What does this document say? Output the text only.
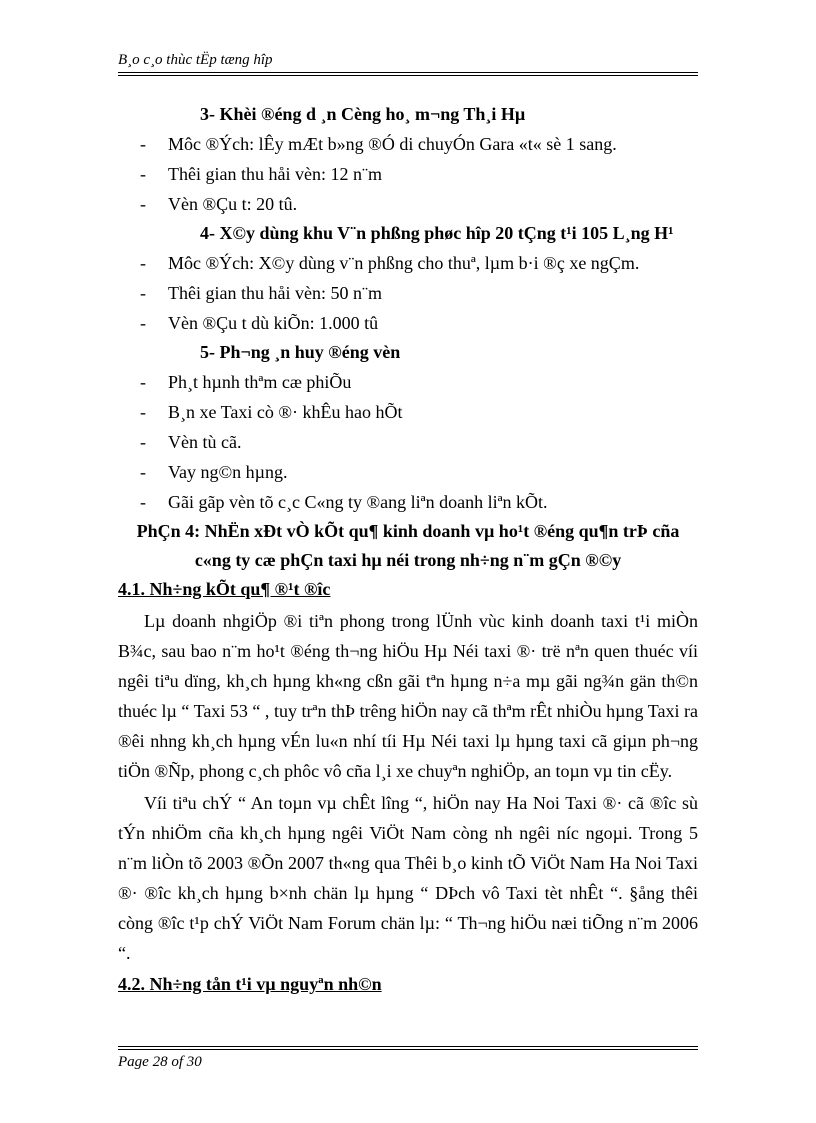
B¸o c¸o thùc tËp tæng hîp
3- Khèi ®éng d ¸n Cèng ho¸ m¬ng Th¸i Hµ
-	Môc ®Ých: lÊy mÆt b»ng ®Ó di chuyÓn Gara «t« sè 1 sang.
-	Thêi gian thu håi vèn: 12 n¨m
-	Vèn ®Çu t: 20 tû.
4- X©y dùng khu V¨n phßng phøc hîp 20 tÇng t¹i 105 L¸ng H¹
-	Môc ®Ých: X©y dùng v¨n phßng cho thuª, lµm b·i ®ç xe ngÇm.
-	Thêi gian thu håi vèn: 50 n¨m
-	Vèn ®Çu t dù kiÕn: 1.000 tû
5- Ph¬ng ¸n huy ®éng vèn
-	Ph¸t hµnh thªm cæ phiÕu
-	B¸n xe Taxi cò ®· khÊu hao hÕt
-	Vèn tù cã.
-	Vay ng©n hµng.
-	Gãi gãp vèn tõ c¸c C«ng ty ®ang liªn doanh liªn kÕt.
PhÇn 4: NhËn xÐt vÒ kÕt qu¶ kinh doanh vµ ho¹t ®éng qu¶n trÞ cña
c«ng ty cæ phÇn taxi hµ néi trong nh÷ng n¨m gÇn ®©y
4.1. Nh÷ng kÕt qu¶ ®¹t ®îc

Lµ doanh nhgiÖp ®i tiªn phong trong lÜnh vùc kinh doanh taxi t¹i miÒn B¾c, sau bao n¨m ho¹t ®éng th¬ng hiÖu Hµ Néi taxi ®· trë nªn quen thuéc víi ngêi tiªu dïng, kh¸ch hµng kh«ng cßn gãi tªn hµng n÷a mµ gãi ng¾n gän th©n thuéc lµ “ Taxi 53 “ , tuy trªn thÞ trêng hiÖn nay cã thªm rÊt nhiÒu hµng Taxi ra ®êi nhng kh¸ch hµng vÉn lu«n nhí tíi Hµ Néi taxi lµ hµng taxi cã giµn ph¬ng tiÖn ®Ñp, phong c¸ch phôc vô cña l¸i xe chuyªn nghiÖp, an toµn vµ tin cËy.

Víi tiªu chÝ “ An toµn vµ chÊt lîng “, hiÖn nay Ha Noi Taxi ®· cã ®îc sù tÝn nhiÖm cña kh¸ch hµng ngêi ViÖt Nam còng nh ngêi níc ngoµi. Trong 5 n¨m liÒn tõ 2003 ®Õn 2007 th«ng qua Thêi b¸o kinh tÕ ViÖt Nam Ha Noi Taxi ®· ®îc kh¸ch hµng b×nh chän lµ hµng “ DÞch vô Taxi tèt nhÊt “. §ång thêi còng ®îc t¹p chÝ ViÖt Nam Forum chän lµ: “ Th¬ng hiÖu næi tiÕng n¨m 2006 “.

4.2. Nh÷ng tån t¹i vµ nguyªn nh©n
Page 28 of 30
